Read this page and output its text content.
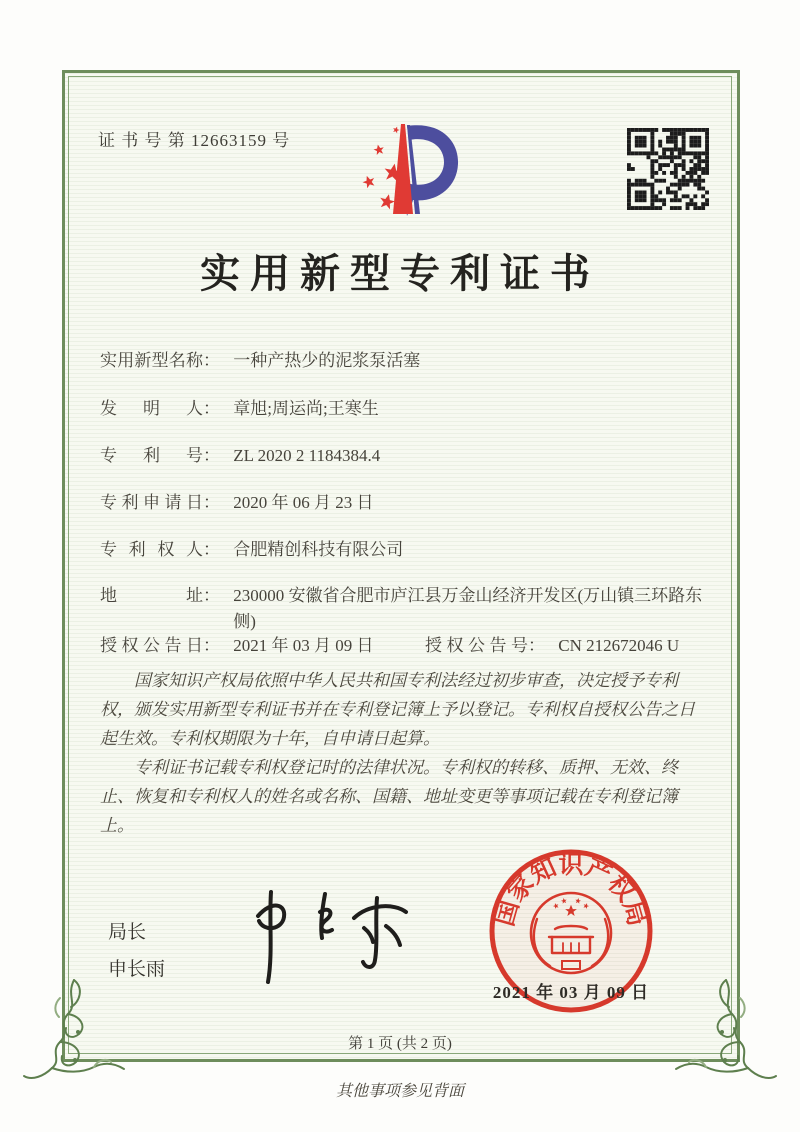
证 书 号 第 12663159 号
实用新型专利证书
实用新型名称： 一种产热少的泥浆泵活塞
发明人： 章旭;周运尚;王寒生
专利号： ZL 2020 2 1184384.4
专利申请日： 2020 年 06 月 23 日
专利权人： 合肥精创科技有限公司
地址： 230000 安徽省合肥市庐江县万金山经济开发区(万山镇三环路东侧)
授权公告日： 2021 年 03 月 09 日	授权公告号： CN 212672046 U

国家知识产权局依照中华人民共和国专利法经过初步审查，决定授予专利权，颁发实用新型专利证书并在专利登记簿上予以登记。专利权自授权公告之日起生效。专利权期限为十年，自申请日起算。

专利证书记载专利权登记时的法律状况。专利权的转移、质押、无效、终止、恢复和专利权人的姓名或名称、国籍、地址变更等事项记载在专利登记簿上。

局长
申长雨
国家知识产权局
2021 年 03 月 09 日
第 1 页 (共 2 页)
其他事项参见背面
